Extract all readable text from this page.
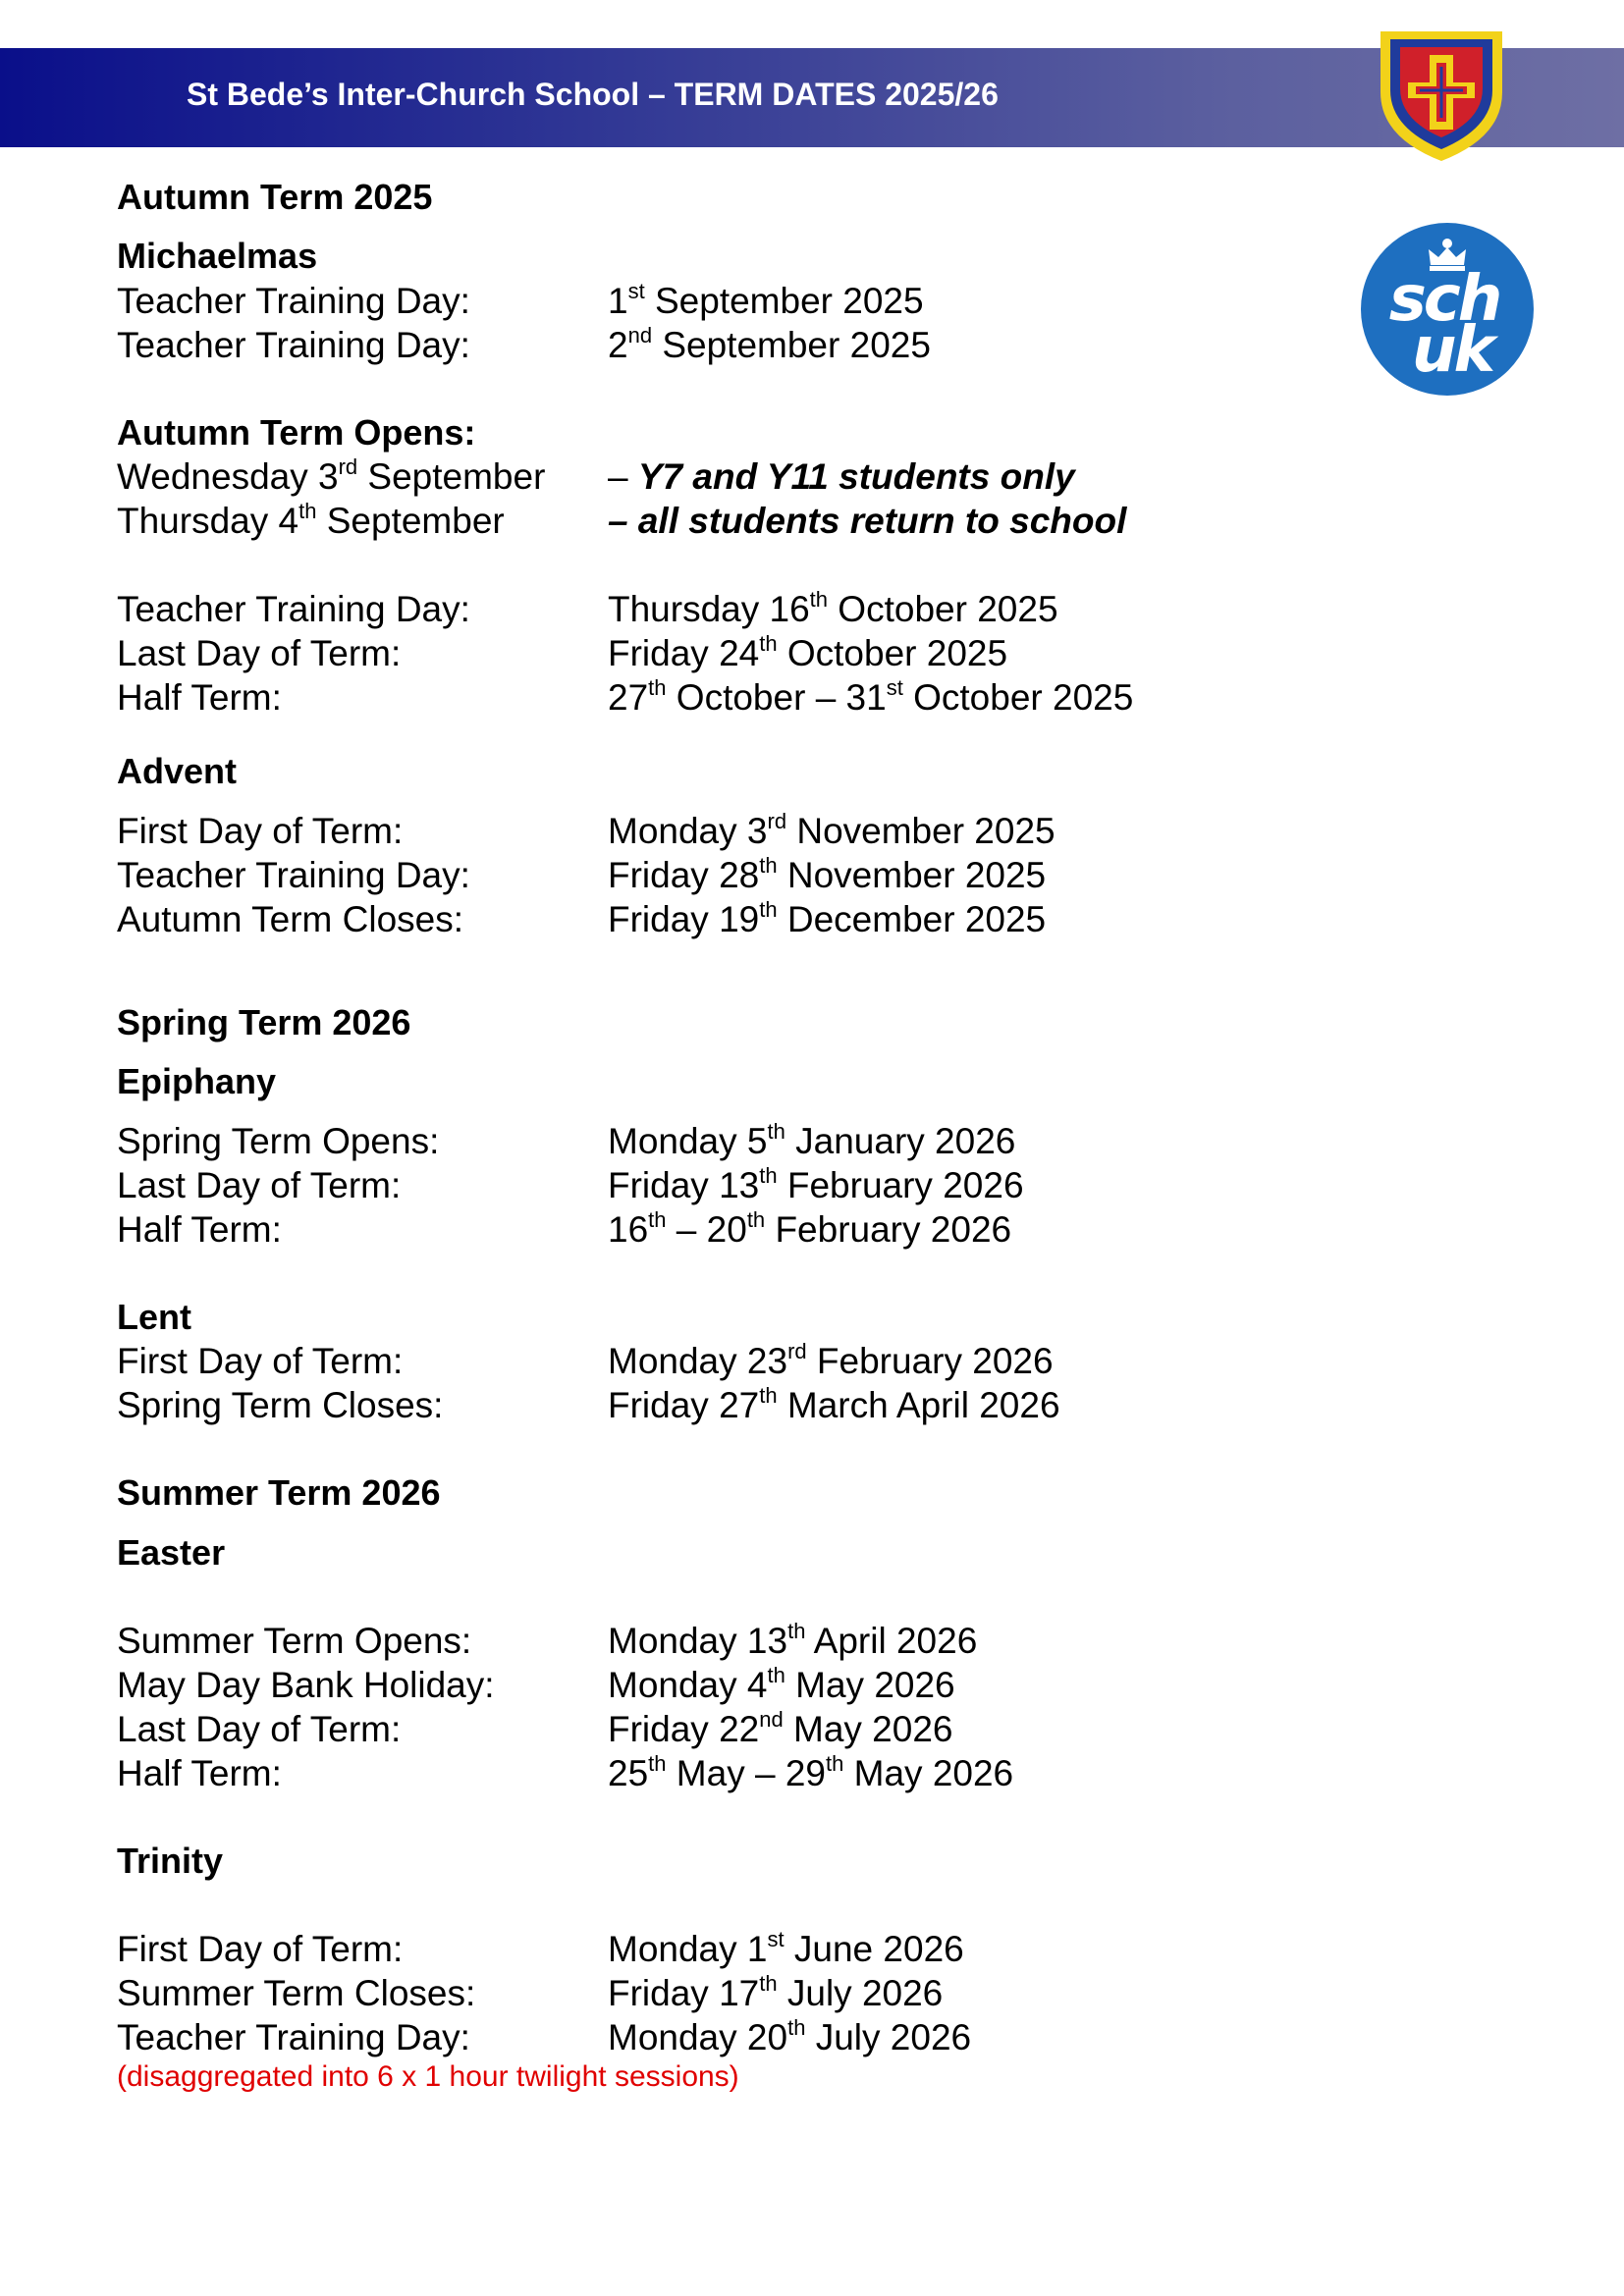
St Bede’s Inter-Church School – TERM DATES 2025/26
sch
uk
Autumn Term 2025
Michaelmas
Teacher Training Day:	1st September 2025
Teacher Training Day:	2nd September 2025
Autumn Term Opens:
Wednesday 3rd September – Y7 and Y11 students only
Thursday 4th September	– all students return to school
Teacher Training Day:	Thursday 16th October 2025
Last Day of Term:	Friday 24th October 2025
Half Term:	27th October – 31st October 2025
Advent
First Day of Term:	Monday 3rd November 2025
Teacher Training Day:	Friday 28th November 2025
Autumn Term Closes:	Friday 19th December 2025
Spring Term 2026
Epiphany
Spring Term Opens:	Monday 5th January 2026
Last Day of Term:	Friday 13th February 2026
Half Term:	16th – 20th February 2026
Lent
First Day of Term:	Monday 23rd February 2026
Spring Term Closes:	Friday 27th March April 2026
Summer Term 2026
Easter
Summer Term Opens:	Monday 13th April 2026
May Day Bank Holiday:	Monday 4th May 2026
Last Day of Term:	Friday 22nd May 2026
Half Term:	25th May – 29th May 2026
Trinity
First Day of Term:	Monday 1st June 2026
Summer Term Closes:	Friday 17th July 2026
Teacher Training Day:	Monday 20th July 2026
(disaggregated into 6 x 1 hour twilight sessions)
